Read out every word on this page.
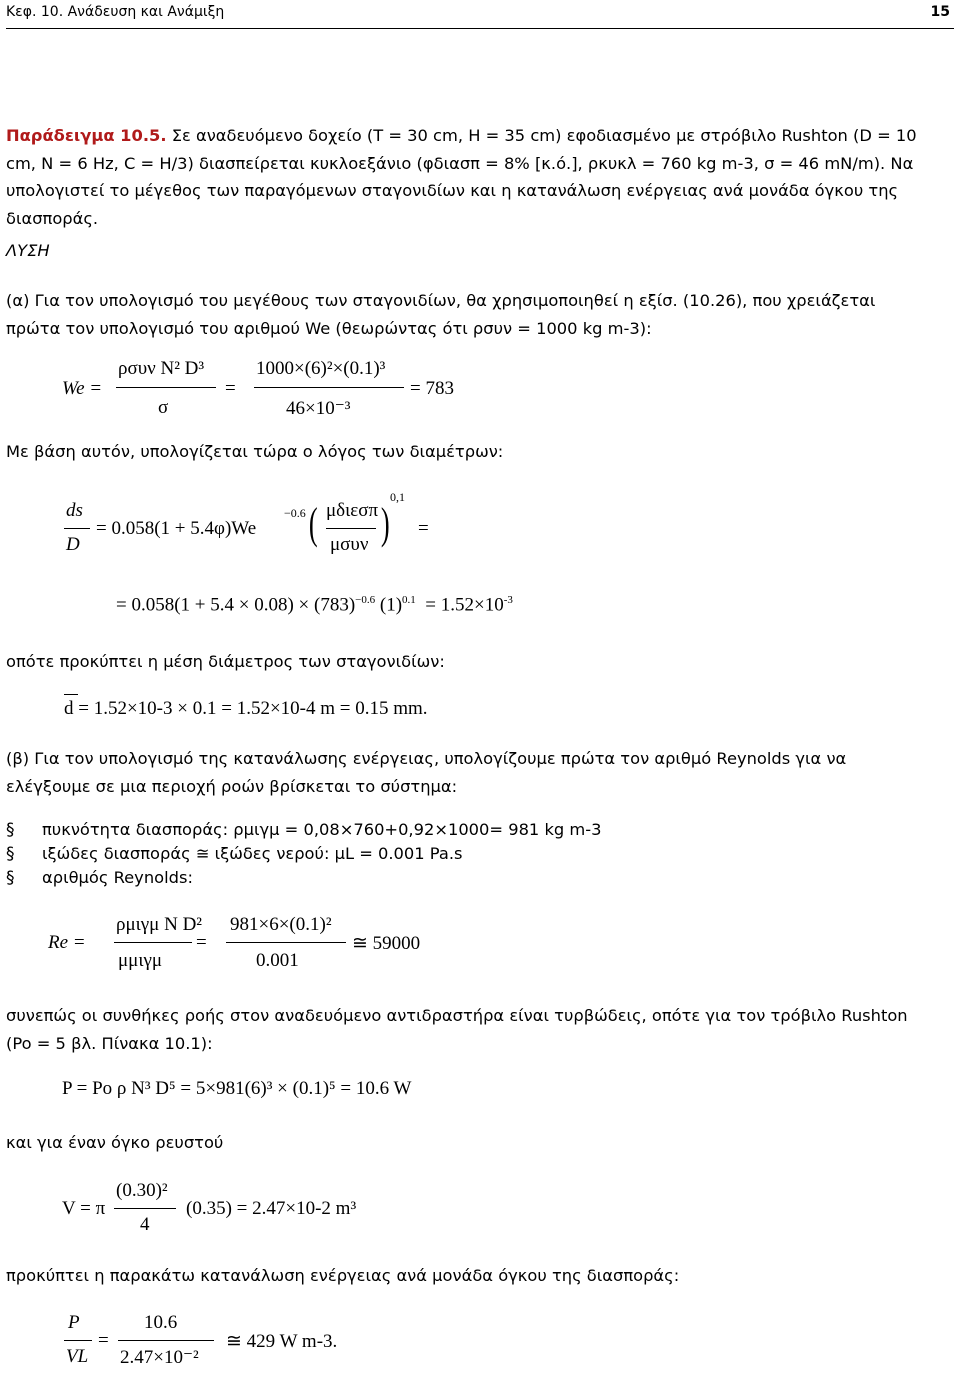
Κεφ. 10. Ανάδευση και Ανάμιξη	15
Παράδειγμα 10.5. Σε αναδευόμενο δοχείο (T = 30 cm, H = 35 cm) εφοδιασμένο με στρόβιλο Rushton (D = 10
cm, N = 6 Hz, C = H/3) διασπείρεται κυκλοεξάνιο (φδιασπ = 8% [κ.ό.], ρκυκλ = 760 kg m-3, σ = 46 mN/m). Να
υπολογιστεί το μέγεθος των παραγόμενων σταγονιδίων και η κατανάλωση ενέργειας ανά μονάδα όγκου της
διασποράς.
ΛΥΣΗ
(α) Για τον υπολογισμό του μεγέθους των σταγονιδίων, θα χρησιμοποιηθεί η εξίσ. (10.26), που χρειάζεται
πρώτα τον υπολογισμό του αριθμού We (θεωρώντας ότι ρσυν = 1000 kg m-3):
We =
ρσυν N² D³
σ
=
1000×(6)²×(0.1)³
46×10⁻³
= 783
Με βάση αυτόν, υπολογίζεται τώρα ο λόγος των διαμέτρων:
ds
D
= 0.058(1 + 5.4φ)We
−0.6 ( μδιεσπ
μσυν )
0,1
=
= $0.058(1 + 5.4 \times 0.08) \times (783)^{-0.6}$ $(1)^{0.1} = 1.52\times 10^{-3}$
οπότε προκύπτει η μέση διάμετρος των σταγονιδίων:
d = 1.52×10-3 × 0.1 = 1.52×10-4 m = 0.15 mm.
(β) Για τον υπολογισμό της κατανάλωσης ενέργειας, υπολογίζουμε πρώτα τον αριθμό Reynolds για να
ελέγξουμε σε μια περιοχή ροών βρίσκεται το σύστημα:
§ πυκνότητα διασποράς: ρμιγμ = 0,08×760+0,92×1000= 981 kg m-3
§ ιξώδες διασποράς ≅ ιξώδες νερού: μL = 0.001 Pa.s
§ αριθμός Reynolds:
Re =
ρμιγμ N D²
μμιγμ
=
981×6×(0.1)²
0.001
≅ 59000
συνεπώς οι συνθήκες ροής στον αναδευόμενο αντιδραστήρα είναι τυρβώδεις, οπότε για τον τρόβιλο Rushton
(Po = 5 βλ. Πίνακα 10.1):
P = Po ρ N³ D⁵ = 5×981(6)³ × (0.1)⁵ = 10.6 W
και για έναν όγκο ρευστού
V = π
(0.30)²
4
(0.35) = 2.47×10-2 m³
προκύπτει η παρακάτω κατανάλωση ενέργειας ανά μονάδα όγκου της διασποράς:
P
VL
=
10.6
2.47×10⁻²
≅ 429 W m-3.
